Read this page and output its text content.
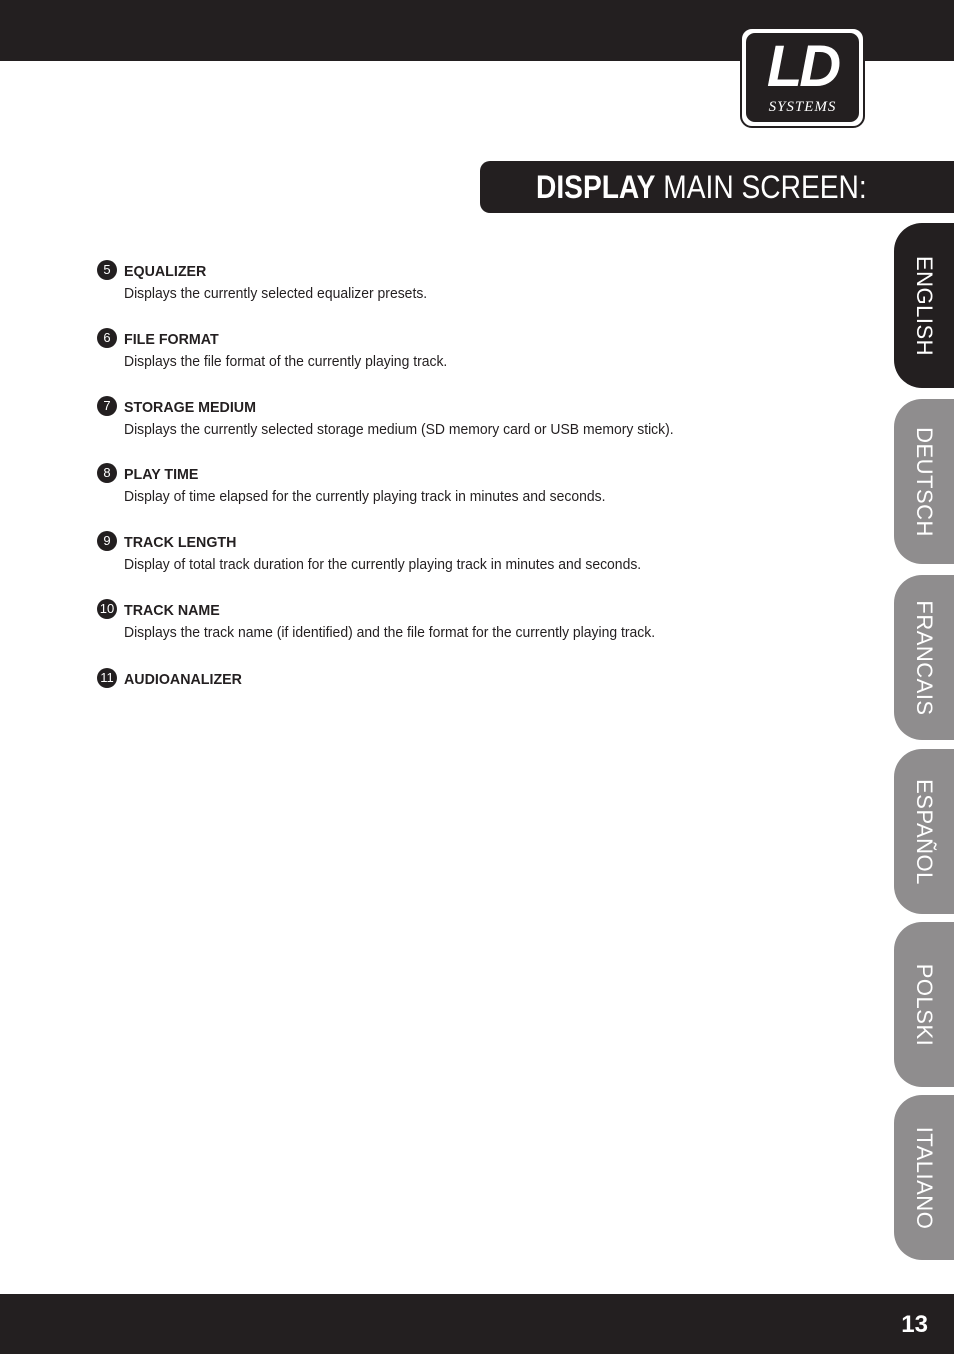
LD
SYSTEMS
DISPLAY MAIN SCREEN:
5 EQUALIZER
Displays the currently selected equalizer presets.
6 FILE FORMAT
Displays the file format of the currently playing track.
7 STORAGE MEDIUM
Displays the currently selected storage medium (SD memory card or USB memory stick).
8 PLAY TIME
Display of time elapsed for the currently playing track in minutes and seconds.
9 TRACK LENGTH
Display of total track duration for the currently playing track in minutes and seconds.
10 TRACK NAME
Displays the track name (if identified) and the file format for the currently playing track.
11 AUDIOANALIZER
ENGLISH
DEUTSCH
FRANCAIS
ESPAÑOL
POLSKI
ITALIANO
13
